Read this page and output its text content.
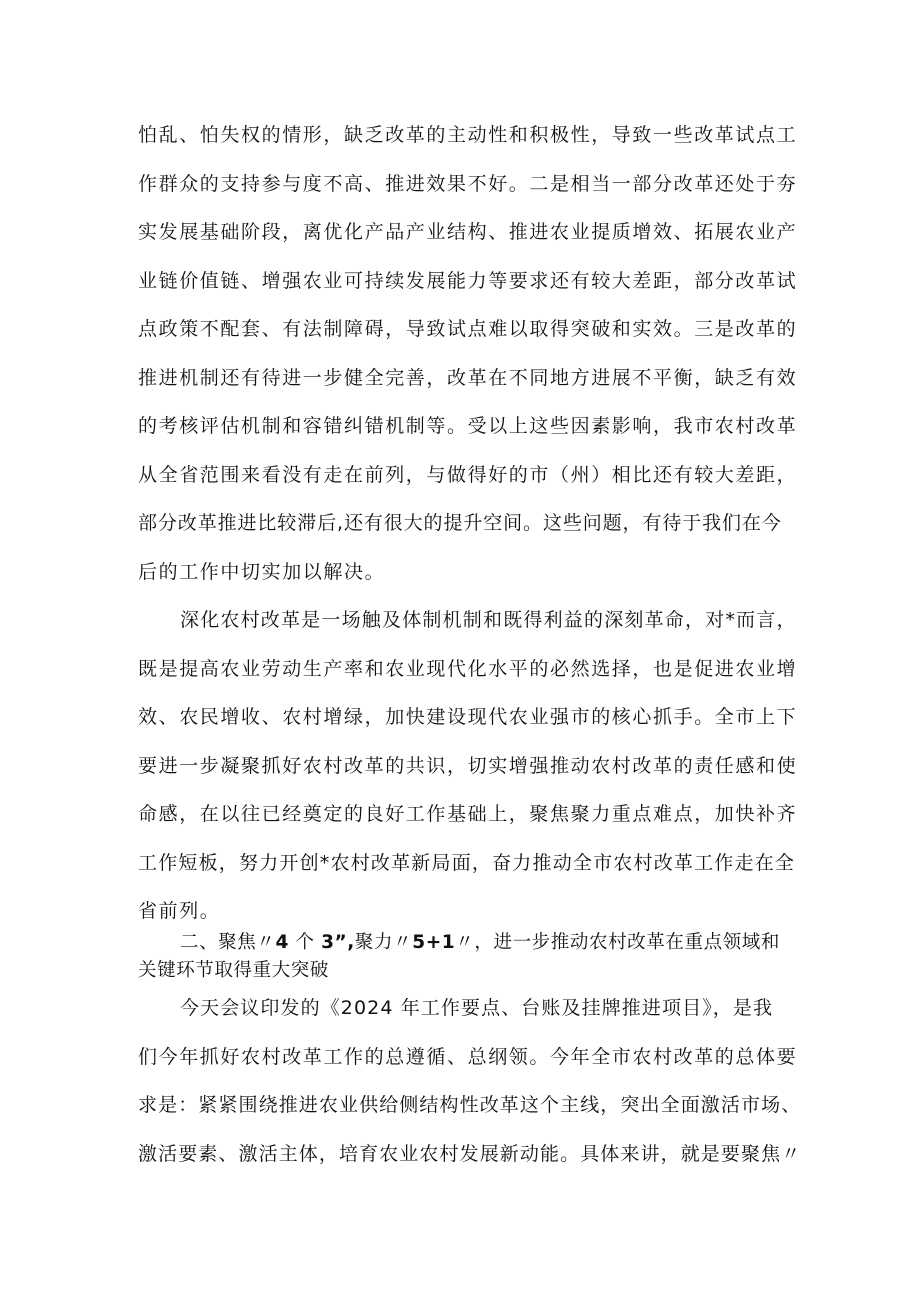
怕乱、怕失权的情形，缺乏改革的主动性和积极性，导致一些改革试点工
作群众的支持参与度不高、推进效果不好。二是相当一部分改革还处于夯
实发展基础阶段，离优化产品产业结构、推进农业提质增效、拓展农业产
业链价值链、增强农业可持续发展能力等要求还有较大差距，部分改革试
点政策不配套、有法制障碍，导致试点难以取得突破和实效。三是改革的
推进机制还有待进一步健全完善，改革在不同地方进展不平衡，缺乏有效
的考核评估机制和容错纠错机制等。受以上这些因素影响，我市农村改革
从全省范围来看没有走在前列，与做得好的市（州）相比还有较大差距，
部分改革推进比较滞后,还有很大的提升空间。这些问题，有待于我们在今
后的工作中切实加以解决。
深化农村改革是一场触及体制机制和既得利益的深刻革命，对*而言，
既是提高农业劳动生产率和农业现代化水平的必然选择，也是促进农业增
效、农民增收、农村增绿，加快建设现代农业强市的核心抓手。全市上下
要进一步凝聚抓好农村改革的共识，切实增强推动农村改革的责任感和使
命感，在以往已经奠定的良好工作基础上，聚焦聚力重点难点，加快补齐
工作短板，努力开创*农村改革新局面，奋力推动全市农村改革工作走在全
省前列。
二、聚焦〃4 个 3”,聚力〃5+1〃，进一步推动农村改革在重点领域和
关键环节取得重大突破
今天会议印发的《2024 年工作要点、台账及挂牌推进项目》，是我
们今年抓好农村改革工作的总遵循、总纲领。今年全市农村改革的总体要
求是：紧紧围绕推进农业供给侧结构性改革这个主线，突出全面激活市场、
激活要素、激活主体，培育农业农村发展新动能。具体来讲，就是要聚焦〃
